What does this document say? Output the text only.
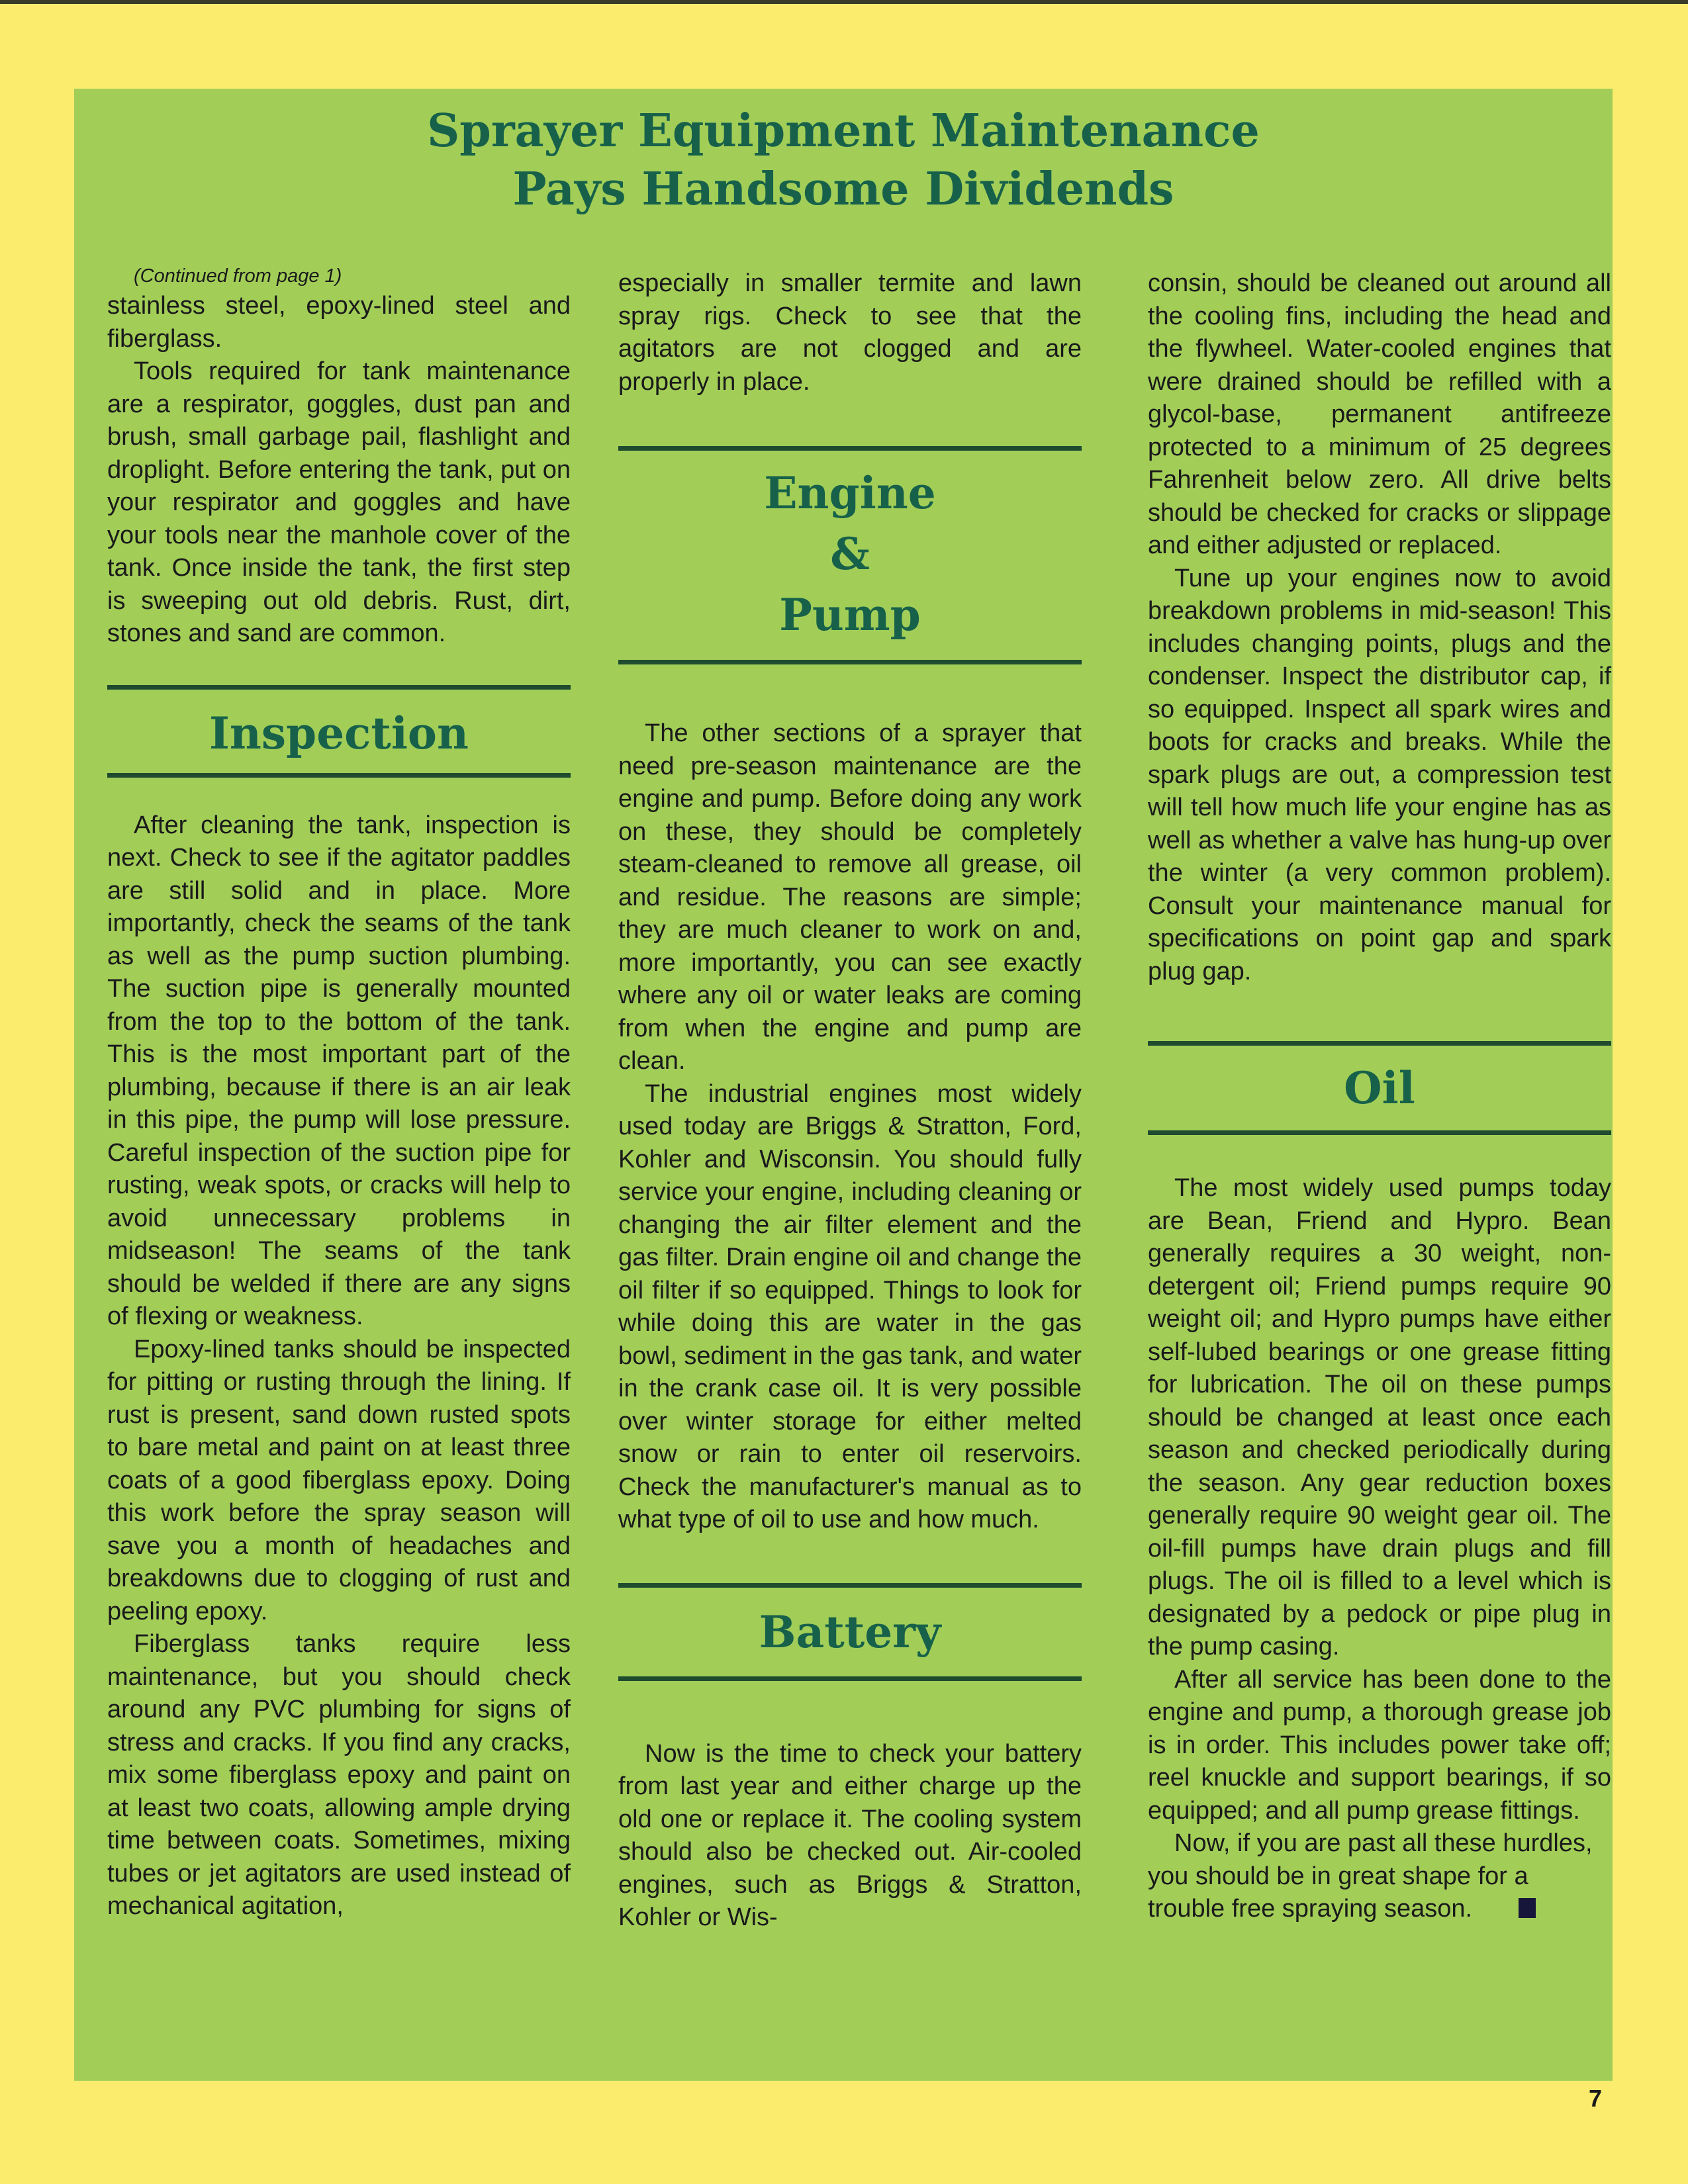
Sprayer Equipment Maintenance
Pays Handsome Dividends

(Continued from page 1)

stainless steel, epoxy-lined steel and fiberglass.

Tools required for tank maintenance are a respirator, goggles, dust pan and brush, small garbage pail, flashlight and droplight. Before entering the tank, put on your respirator and goggles and have your tools near the manhole cover of the tank. Once inside the tank, the first step is sweeping out old debris. Rust, dirt, stones and sand are common.

Inspection

After cleaning the tank, inspection is next. Check to see if the agitator paddles are still solid and in place. More importantly, check the seams of the tank as well as the pump suction plumbing. The suction pipe is generally mounted from the top to the bottom of the tank. This is the most important part of the plumbing, because if there is an air leak in this pipe, the pump will lose pressure. Careful inspection of the suction pipe for rusting, weak spots, or cracks will help to avoid unnecessary problems in midseason! The seams of the tank should be welded if there are any signs of flexing or weakness.

Epoxy-lined tanks should be inspected for pitting or rusting through the lining. If rust is present, sand down rusted spots to bare metal and paint on at least three coats of a good fiberglass epoxy. Doing this work before the spray season will save you a month of headaches and breakdowns due to clogging of rust and peeling epoxy.

Fiberglass tanks require less maintenance, but you should check around any PVC plumbing for signs of stress and cracks. If you find any cracks, mix some fiberglass epoxy and paint on at least two coats, allowing ample drying time between coats. Sometimes, mixing tubes or jet agitators are used instead of mechanical agitation,

especially in smaller termite and lawn spray rigs. Check to see that the agitators are not clogged and are properly in place.

Engine
&
Pump

The other sections of a sprayer that need pre-season maintenance are the engine and pump. Before doing any work on these, they should be completely steam-cleaned to remove all grease, oil and residue. The reasons are simple; they are much cleaner to work on and, more importantly, you can see exactly where any oil or water leaks are coming from when the engine and pump are clean.

The industrial engines most widely used today are Briggs & Stratton, Ford, Kohler and Wisconsin. You should fully service your engine, including cleaning or changing the air filter element and the gas filter. Drain engine oil and change the oil filter if so equipped. Things to look for while doing this are water in the gas bowl, sediment in the gas tank, and water in the crank case oil. It is very possible over winter storage for either melted snow or rain to enter oil reservoirs. Check the manufacturer's manual as to what type of oil to use and how much.

Battery

Now is the time to check your battery from last year and either charge up the old one or replace it. The cooling system should also be checked out. Air-cooled engines, such as Briggs & Stratton, Kohler or Wis-

consin, should be cleaned out around all the cooling fins, including the head and the flywheel. Water-cooled engines that were drained should be refilled with a glycol-base, permanent antifreeze protected to a minimum of 25 degrees Fahrenheit below zero. All drive belts should be checked for cracks or slippage and either adjusted or replaced.

Tune up your engines now to avoid breakdown problems in mid-season! This includes changing points, plugs and the condenser. Inspect the distributor cap, if so equipped. Inspect all spark wires and boots for cracks and breaks. While the spark plugs are out, a compression test will tell how much life your engine has as well as whether a valve has hung-up over the winter (a very common problem). Consult your maintenance manual for specifications on point gap and spark plug gap.

Oil

The most widely used pumps today are Bean, Friend and Hypro. Bean generally requires a 30 weight, non-detergent oil; Friend pumps require 90 weight oil; and Hypro pumps have either self-lubed bearings or one grease fitting for lubrication. The oil on these pumps should be changed at least once each season and checked periodically during the season. Any gear reduction boxes generally require 90 weight gear oil. The oil-fill pumps have drain plugs and fill plugs. The oil is filled to a level which is designated by a pedock or pipe plug in the pump casing.

After all service has been done to the engine and pump, a thorough grease job is in order. This includes power take off; reel knuckle and support bearings, if so equipped; and all pump grease fittings.

Now, if you are past all these hurdles, you should be in great shape for a trouble free spraying season.

7
